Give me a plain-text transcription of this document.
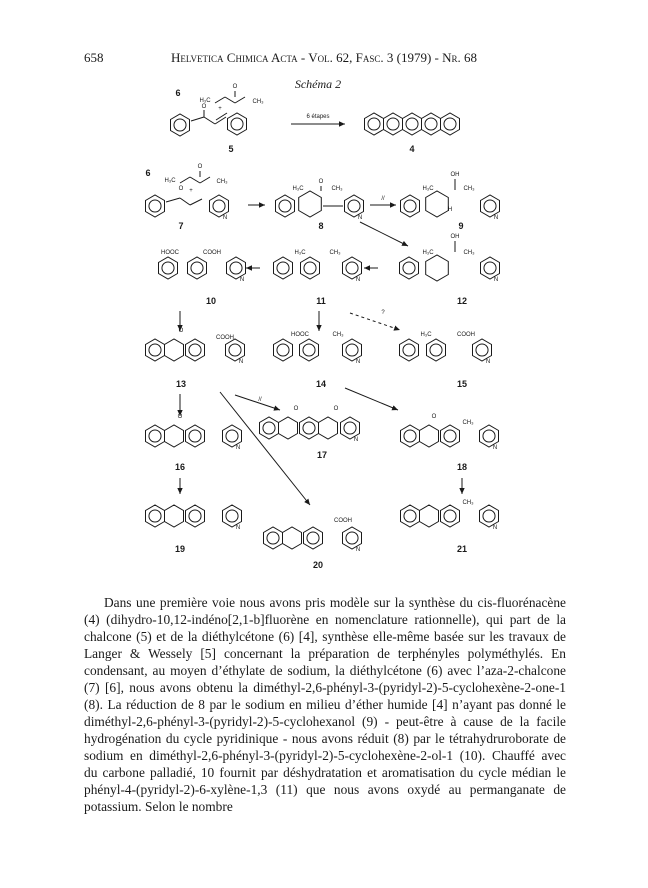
658	Helvetica Chimica Acta - Vol. 62, Fasc. 3 (1979) - Nr. 68
Schéma 2
6
H₃C
O
CH₃
+
O
5
6 étapes
4
6
H₃C
O
CH₃
O +
N
7
O
H₃C	CH₃
N
8
//
OH
H₃C	CH₃
H
N
9
HOOC	COOH
N
10
H₃C	CH₃
N
11
OH
H₃C	CH₃
N
12
?
O
COOH
N
13
HOOC	CH₃
N
14
H₃C	COOH
N
15
//
O
N
16
O	O
N
17
O
CH₃
N
18
N
19
COOH
N
20
CH₃
N
21

Dans une première voie nous avons pris modèle sur la synthèse du cis-fluorénacène (4) (dihydro-10,12-indéno[2,1-b]fluorène en nomenclature rationnelle), qui part de la chalcone (5) et de la diéthylcétone (6) [4], synthèse elle-même basée sur les travaux de Langer & Wessely [5] concernant la préparation de terphényles polyméthylés. En condensant, au moyen d’éthylate de sodium, la diéthylcétone (6) avec l’aza-2-chalcone (7) [6], nous avons obtenu la diméthyl-2,6-phényl-3-(pyridyl-2)-5-cyclohexène-2-one-1 (8). La réduction de 8 par le sodium en milieu d’éther humide [4] n’ayant pas donné le diméthyl-2,6-phényl-3-(pyridyl-2)-5-cyclohexanol (9) - peut-être à cause de la facile hydrogénation du cycle pyridinique - nous avons réduit (8) par le tétrahydruroborate de sodium en diméthyl-2,6-phényl-3-(pyridyl-2)-5-cyclohexène-2-ol-1 (10). Chauffé avec du carbone palladié, 10 fournit par déshydratation et aromatisation du cycle médian le phényl-4-(pyridyl-2)-6-xylène-1,3 (11) que nous avons oxydé au permanganate de potassium. Selon le nombre
